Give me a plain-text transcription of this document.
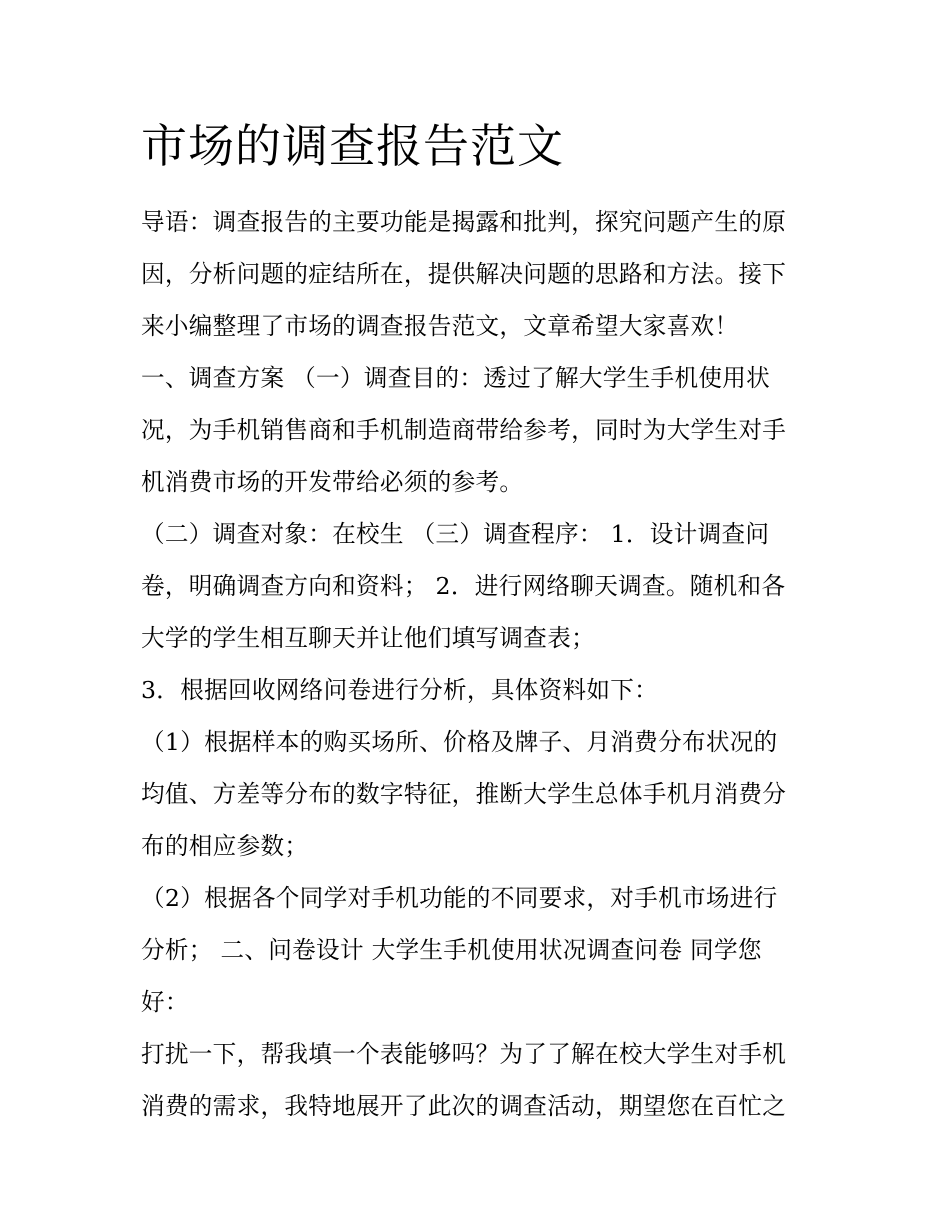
市场的调查报告范文
导语：调查报告的主要功能是揭露和批判，探究问题产生的原
因，分析问题的症结所在，提供解决问题的思路和方法。接下
来小编整理了市场的调查报告范文，文章希望大家喜欢！
一、调查方案 （一）调查目的：透过了解大学生手机使用状
况，为手机销售商和手机制造商带给参考，同时为大学生对手
机消费市场的开发带给必须的参考。
（二）调查对象：在校生 （三）调查程序： 1．设计调查问
卷，明确调查方向和资料； 2．进行网络聊天调查。随机和各
大学的学生相互聊天并让他们填写调查表；
3．根据回收网络问卷进行分析，具体资料如下：
（1）根据样本的购买场所、价格及牌子、月消费分布状况的
均值、方差等分布的数字特征，推断大学生总体手机月消费分
布的相应参数；
（2）根据各个同学对手机功能的不同要求，对手机市场进行
分析； 二、问卷设计 大学生手机使用状况调查问卷 同学您
好：
打扰一下，帮我填一个表能够吗？为了了解在校大学生对手机
消费的需求，我特地展开了此次的调查活动，期望您在百忙之
